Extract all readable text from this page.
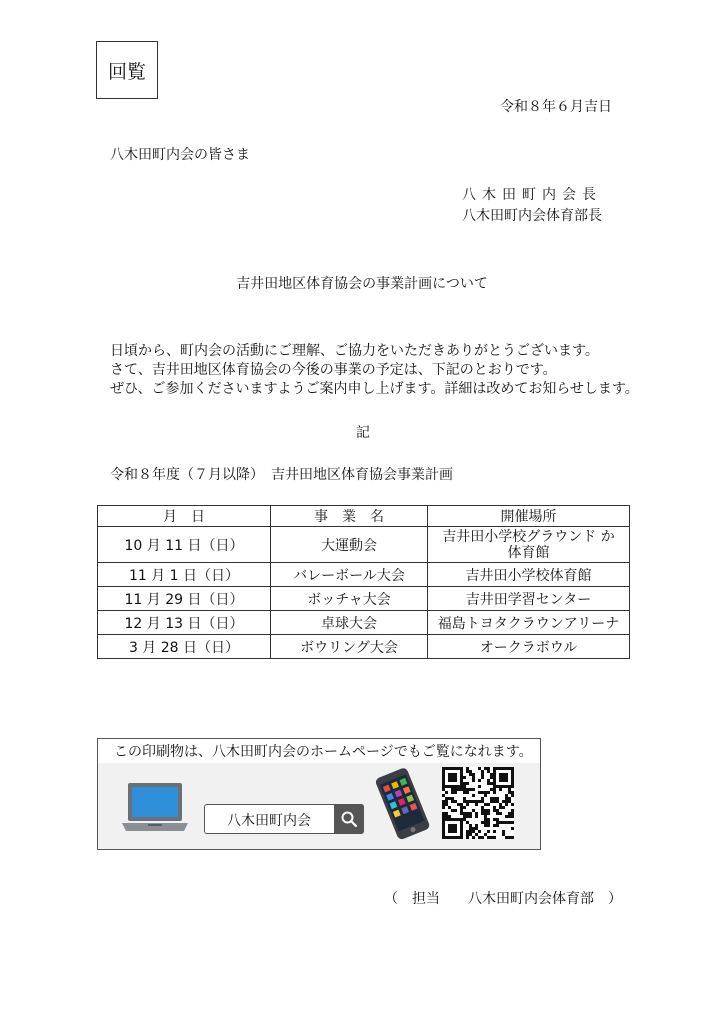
回覧
令和８年６月吉日
八木田町内会の皆さま
八木田町内会長
八木田町内会体育部長
吉井田地区体育協会の事業計画について
日頃から、町内会の活動にご理解、ご協力をいただきありがとうございます。
さて、吉井田地区体育協会の今後の事業の予定は、下記のとおりです。
ぜひ、ご参加くださいますようご案内申し上げます。詳細は改めてお知らせします。
記
令和８年度（７月以降）　吉井田地区体育協会事業計画
月　日	事　業　名	開催場所
10 月 11 日（日）	大運動会	吉井田小学校グラウンド か
体育館
11 月 1 日（日）	バレーボール大会	吉井田小学校体育館
11 月 29 日（日）	ボッチャ大会	吉井田学習センター
12 月 13 日（日）	卓球大会	福島トヨタクラウンアリーナ
3 月 28 日（日）	ボウリング大会	オークラボウル
この印刷物は、八木田町内会のホームページでもご覧になれます。
八木田町内会
（　担当　　八木田町内会体育部　）
